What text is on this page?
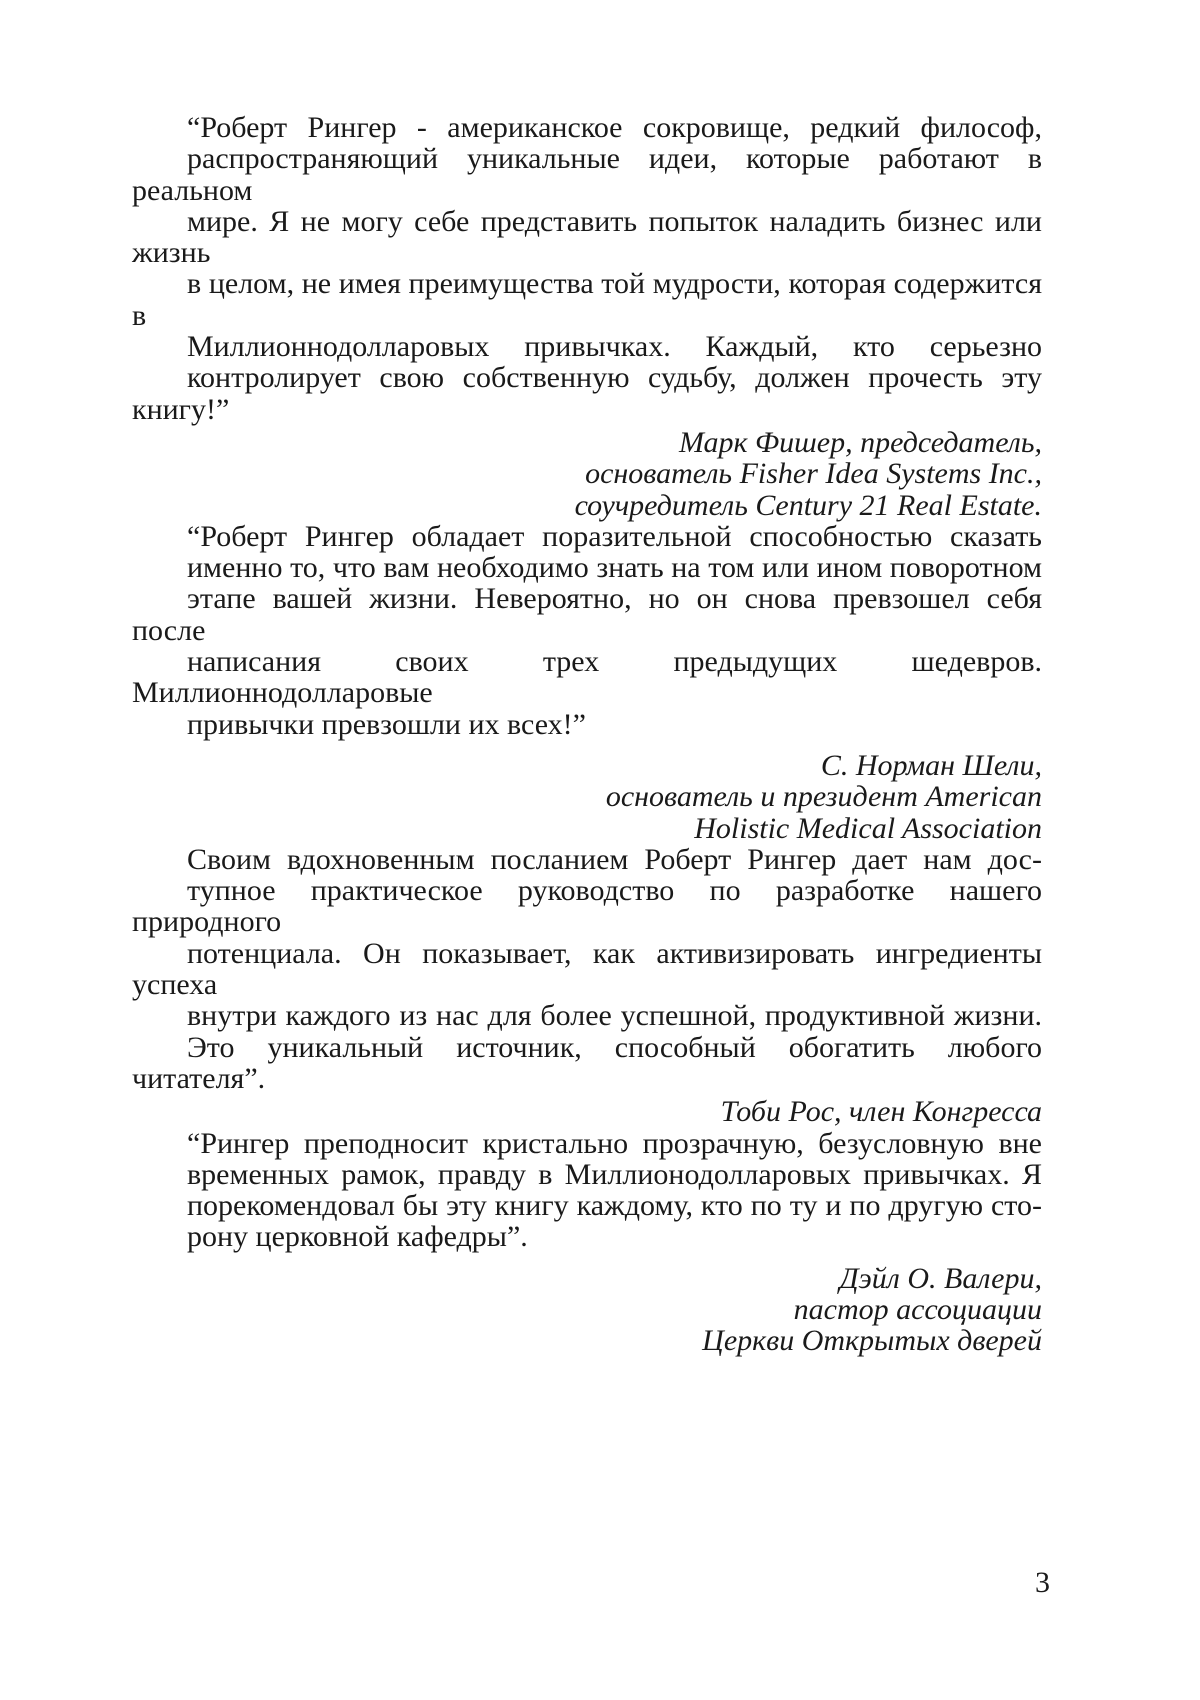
“Роберт Рингер - американское сокровище, редкий философ,
распространяющий уникальные идеи, которые работают в реальном
мире. Я не могу себе представить попыток наладить бизнес или жизнь
в целом, не имея преимущества той мудрости, которая содержится в
Миллионнодолларовых привычках. Каждый, кто серьезно
контролирует свою собственную судьбу, должен прочесть эту книгу!”

Марк Фишер, председатель,
основатель Fisher Idea Systems Inc.,
соучредитель Century 21 Real Estate.

“Роберт Рингер обладает поразительной способностью сказать
именно то, что вам необходимо знать на том или ином поворотном
этапе вашей жизни. Невероятно, но он снова превзошел себя после
написания своих трех предыдущих шедевров. Миллионнодолларовые
привычки превзошли их всех!”

С. Норман Шели,
основатель и президент American
Holistic Medical Association

Своим вдохновенным посланием Роберт Рингер дает нам дос-
тупное практическое руководство по разработке нашего природного
потенциала. Он показывает, как активизировать ингредиенты успеха
внутри каждого из нас для более успешной, продуктивной жизни.
Это уникальный источник, способный обогатить любого читателя”.

Тоби Рос, член Конгресса

“Рингер преподносит кристально прозрачную, безусловную вне
временных рамок, правду в Миллионодолларовых привычках. Я
порекомендовал бы эту книгу каждому, кто по ту и по другую сто-
рону церковной кафедры”.

Дэйл О. Валери,
пастор ассоциации
Церкви Открытых дверей

3
